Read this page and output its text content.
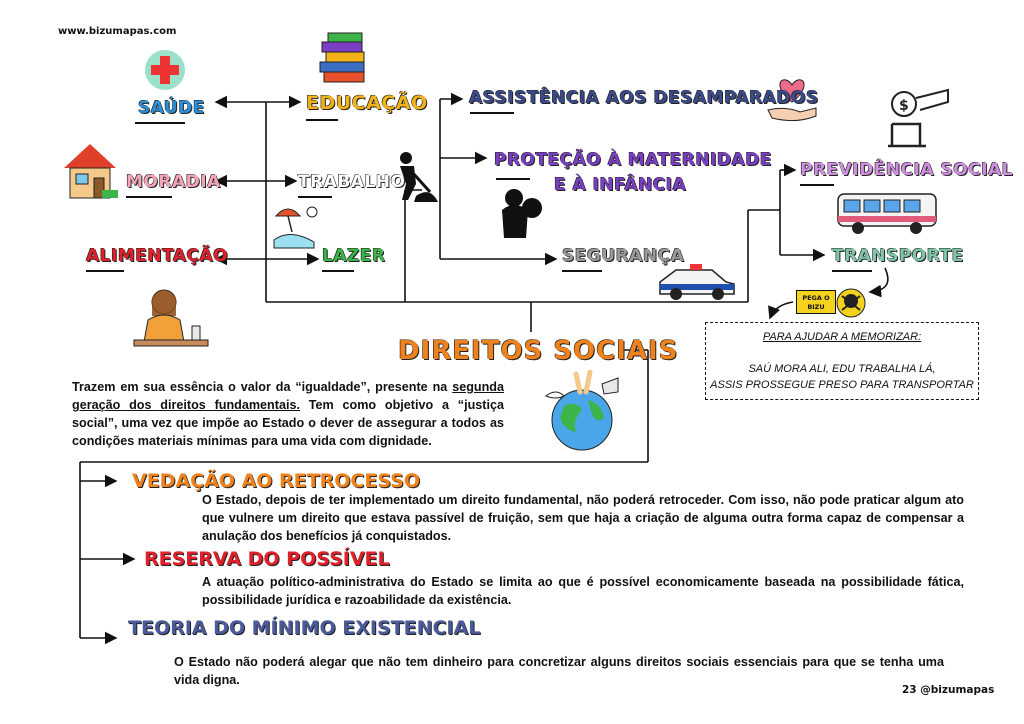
www.bizumapas.com
$
SAÚDE	EDUCAÇÃO
MORADIA	TRABALHO
ALIMENTAÇÃO	LAZER
ASSISTÊNCIA AOS DESAMPARADOS
PROTEÇÃO À MATERNIDADE
E À INFÂNCIA
SEGURANÇA
PREVIDÊNCIA SOCIAL
TRANSPORTE
PEGA O
BIZU
PARA AJUDAR A MEMORIZAR:
SAÚ MORA ALI, EDU TRABALHA LÁ,
ASSIS PROSSEGUE PRESO PARA TRANSPORTAR
DIREITOS SOCIAIS
Trazem em sua essência o valor da “igualdade”, presente na segunda geração dos direitos fundamentais. Tem como objetivo a “justiça social”, uma vez que impõe ao Estado o dever de assegurar a todos as condições materiais mínimas para uma vida com dignidade.
VEDAÇÃO AO RETROCESSO
O Estado, depois de ter implementado um direito fundamental, não poderá retroceder. Com isso, não pode praticar algum ato que vulnere um direito que estava passível de fruição, sem que haja a criação de alguma outra forma capaz de compensar a anulação dos benefícios já conquistados.
RESERVA DO POSSÍVEL
A atuação político-administrativa do Estado se limita ao que é possível economicamente baseada na possibilidade fática, possibilidade jurídica e razoabilidade da existência.
TEORIA DO MÍNIMO EXISTENCIAL
O Estado não poderá alegar que não tem dinheiro para concretizar alguns direitos sociais essenciais para que se tenha uma vida digna.
23 @bizumapas
